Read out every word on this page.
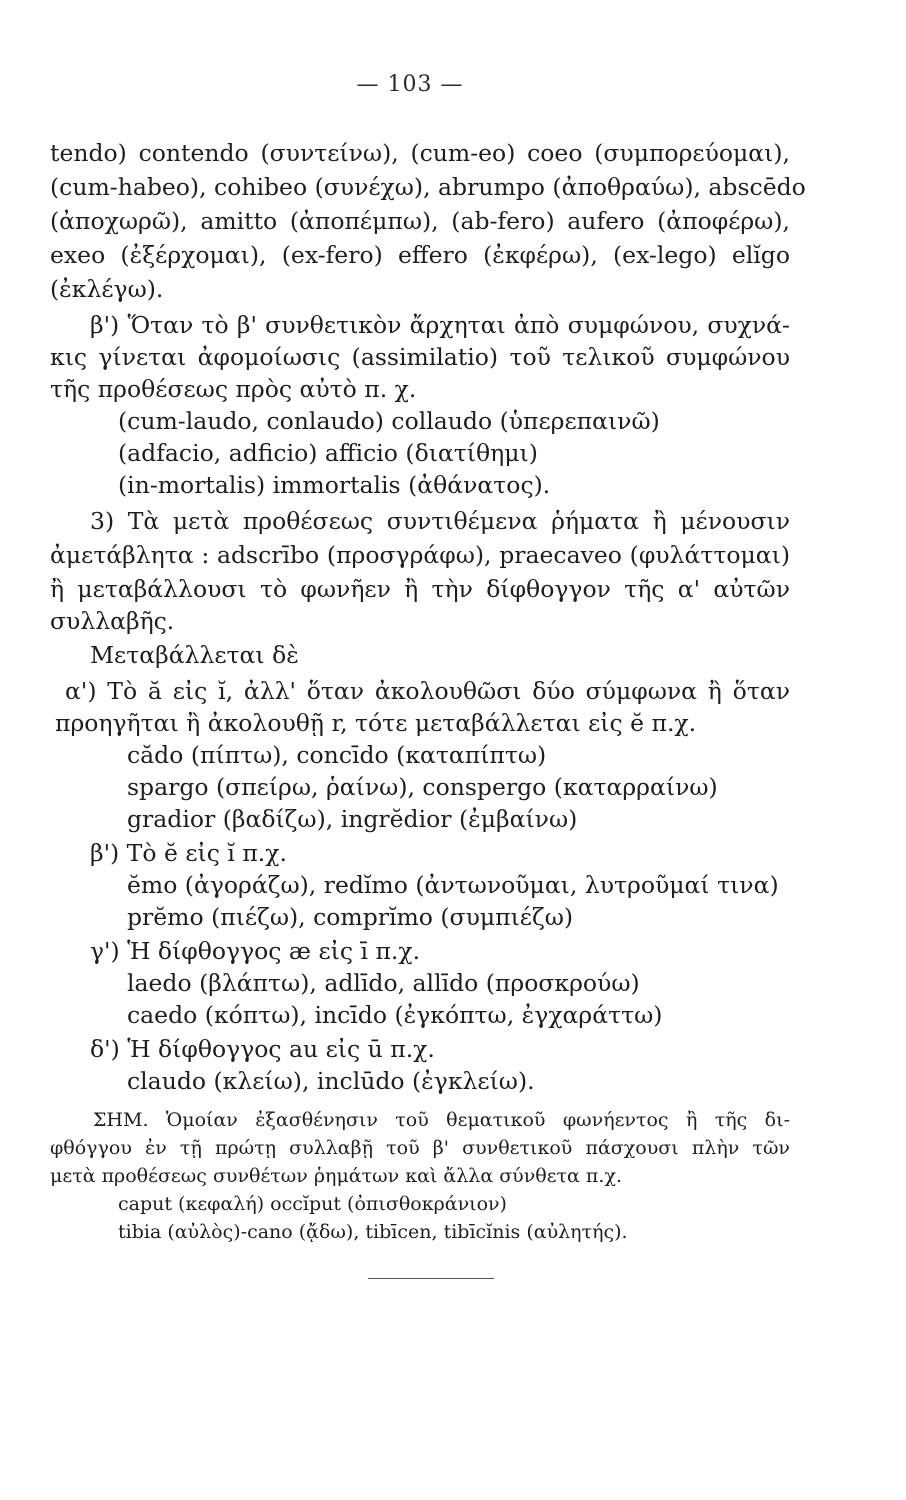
— 103 —
tendo) contendo (συντείνω), (cum-eo) coeo (συμπορεύομαι),
(cum-habeo), cohibeo (συνέχω), abrumpo (ἀποθραύω), abscēdo
(ἀποχωρῶ), amitto (ἀποπέμπω), (ab-fero) aufero (ἀποφέρω),
exeo (ἐξέρχομαι), (ex-fero) effero (ἐκφέρω), (ex-lego) elĭgo
(ἐκλέγω).
β') Ὅταν τὸ β' συνθετικὸν ἄρχηται ἀπὸ συμφώνου, συχνά-
κις γίνεται ἀφομοίωσις (assimilatio) τοῦ τελικοῦ συμφώνου
τῆς προθέσεως πρὸς αὐτὸ π. χ.
(cum-laudo, conlaudo) collaudo (ὑπερεπαινῶ)
(adfacio, adficio) afficio (διατίθημι)
(in-mortalis) immortalis (ἀθάνατος).
3) Τὰ μετὰ προθέσεως συντιθέμενα ῥήματα ἢ μένουσιν
ἀμετάβλητα : adscrībo (προσγράφω), praecaveo (φυλάττομαι)
ἢ μεταβάλλουσι τὸ φωνῆεν ἢ τὴν δίφθογγον τῆς α' αὐτῶν
συλλαβῆς.
Μεταβάλλεται δὲ
α') Τὸ ă εἰς ĭ, ἀλλ' ὅταν ἀκολουθῶσι δύο σύμφωνα ἢ ὅταν
προηγῆται ἢ ἀκολουθῇ r, τότε μεταβάλλεται εἰς ĕ π.χ.
cădo (πίπτω), concīdo (καταπίπτω)
spargo (σπείρω, ῥαίνω), conspergo (καταρραίνω)
gradior (βαδίζω), ingrĕdior (ἐμβαίνω)
β') Τὸ ĕ εἰς ĭ π.χ.
ĕmo (ἀγοράζω), redĭmo (ἀντωνοῦμαι, λυτροῦμαί τινα)
prĕmo (πιέζω), comprĭmo (συμπιέζω)
γ') Ἡ δίφθογγος æ εἰς ī π.χ.
laedo (βλάπτω), adlīdo, allīdo (προσκρούω)
caedo (κόπτω), incīdo (ἐγκόπτω, ἐγχαράττω)
δ') Ἡ δίφθογγος au εἰς ū π.χ.
claudo (κλείω), inclūdo (ἐγκλείω).
ΣΗΜ. Ὁμοίαν ἐξασθένησιν τοῦ θεματικοῦ φωνήεντος ἢ τῆς δι-
φθόγγου ἐν τῇ πρώτῃ συλλαβῇ τοῦ β' συνθετικοῦ πάσχουσι πλὴν τῶν
μετὰ προθέσεως συνθέτων ῥημάτων καὶ ἄλλα σύνθετα π.χ.
caput (κεφαλή) occĭput (ὀπισθοκράνιον)
tibia (αὐλὸς)-cano (ᾄδω), tibīcen, tibīcĭnis (αὐλητής).
